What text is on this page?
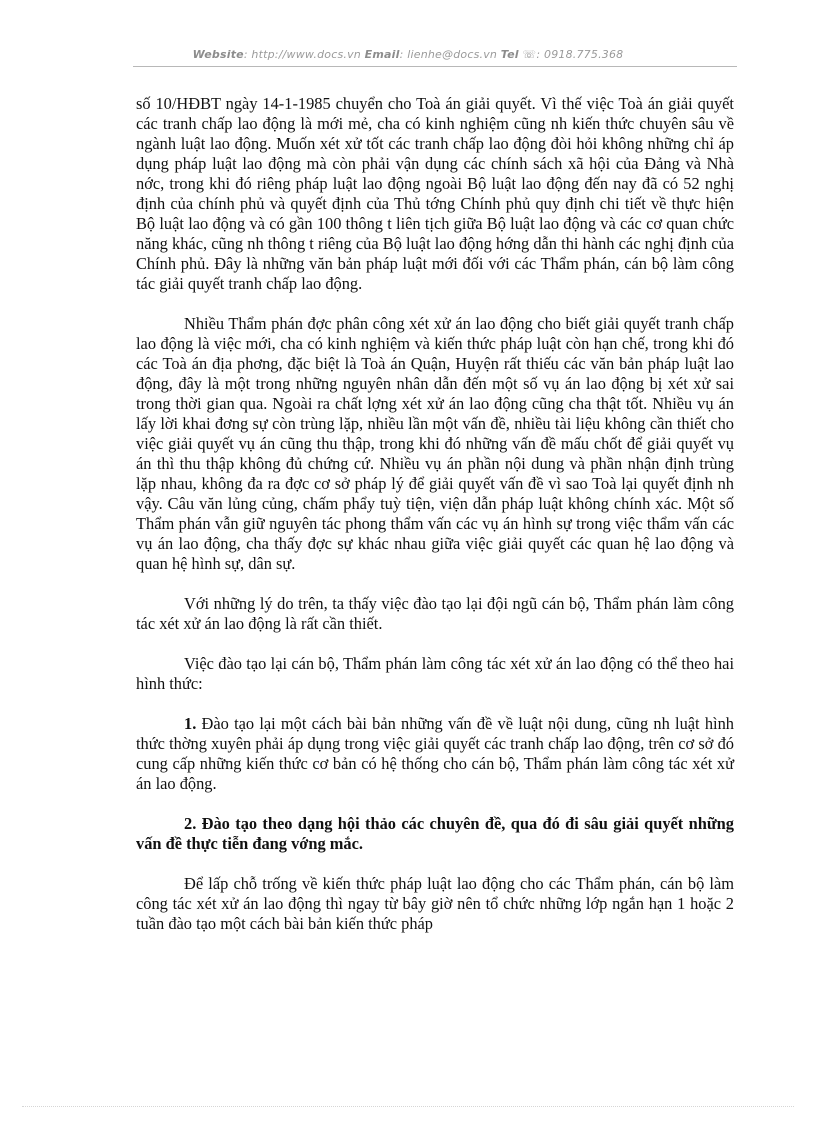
Website: http://www.docs.vn Email: lienhe@docs.vn Tel ☏: 0918.775.368

số 10/HĐBT ngày 14-1-1985 chuyển cho Toà án giải quyết. Vì thế việc Toà án giải quyết các tranh chấp lao động là mới mẻ, cha có kinh nghiệm cũng nh kiến thức chuyên sâu về ngành luật lao động. Muốn xét xử tốt các tranh chấp lao động đòi hỏi không những chỉ áp dụng pháp luật lao động mà còn phải vận dụng các chính sách xã hội của Đảng và Nhà nớc, trong khi đó riêng pháp luật lao động ngoài Bộ luật lao động đến nay đã có 52 nghị định của chính phủ và quyết định của Thủ tớng Chính phủ quy định chi tiết về thực hiện Bộ luật lao động và có gần 100 thông t liên tịch giữa Bộ luật lao động và các cơ quan chức năng khác, cũng nh thông t riêng của Bộ luật lao động hớng dẫn thi hành các nghị định của Chính phủ. Đây là những văn bản pháp luật mới đối với các Thẩm phán, cán bộ làm công tác giải quyết tranh chấp lao động.

Nhiều Thẩm phán đợc phân công xét xử án lao động cho biết giải quyết tranh chấp lao động là việc mới, cha có kinh nghiệm và kiến thức pháp luật còn hạn chế, trong khi đó các Toà án địa phơng, đặc biệt là Toà án Quận, Huyện rất thiếu các văn bản pháp luật lao động, đây là một trong những nguyên nhân dẫn đến một số vụ án lao động bị xét xử sai trong thời gian qua. Ngoài ra chất lợng xét xử án lao động cũng cha thật tốt. Nhiều vụ án lấy lời khai đơng sự còn trùng lặp, nhiều lần một vấn đề, nhiều tài liệu không cần thiết cho việc giải quyết vụ án cũng thu thập, trong khi đó những vấn đề mấu chốt để giải quyết vụ án thì thu thập không đủ chứng cứ. Nhiều vụ án phần nội dung và phần nhận định trùng lặp nhau, không đa ra đợc cơ sở pháp lý để giải quyết vấn đề vì sao Toà lại quyết định nh vậy. Câu văn lủng củng, chấm phẩy tuỳ tiện, viện dẫn pháp luật không chính xác. Một số Thẩm phán vẫn giữ nguyên tác phong thẩm vấn các vụ án hình sự trong việc thẩm vấn các vụ án lao động, cha thấy đợc sự khác nhau giữa việc giải quyết các quan hệ lao động và quan hệ hình sự, dân sự.

Với những lý do trên, ta thấy việc đào tạo lại đội ngũ cán bộ, Thẩm phán làm công tác xét xử án lao động là rất cần thiết.

Việc đào tạo lại cán bộ, Thẩm phán làm công tác xét xử án lao động có thể theo hai hình thức:

1. Đào tạo lại một cách bài bản những vấn đề về luật nội dung, cũng nh luật hình thức thờng xuyên phải áp dụng trong việc giải quyết các tranh chấp lao động, trên cơ sở đó cung cấp những kiến thức cơ bản có hệ thống cho cán bộ, Thẩm phán làm công tác xét xử án lao động.

2. Đào tạo theo dạng hội thảo các chuyên đề, qua đó đi sâu giải quyết những vấn đề thực tiễn đang vớng mắc.

Để lấp chỗ trống về kiến thức pháp luật lao động cho các Thẩm phán, cán bộ làm công tác xét xử án lao động thì ngay từ bây giờ nên tổ chức những lớp ngắn hạn 1 hoặc 2 tuần đào tạo một cách bài bản kiến thức pháp
